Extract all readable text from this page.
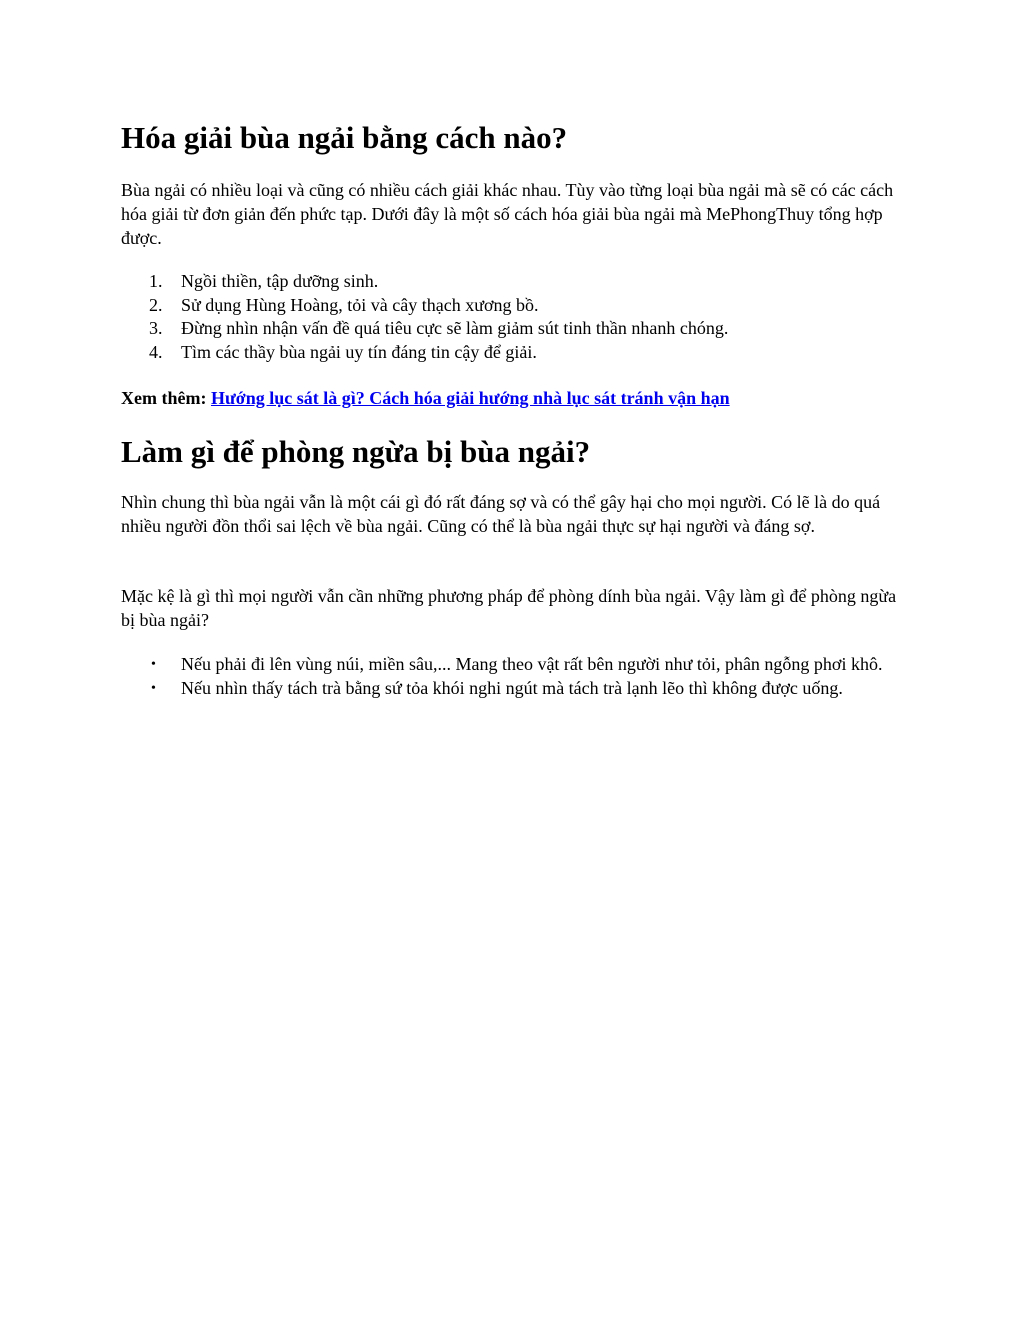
Hóa giải bùa ngải bằng cách nào?

Bùa ngải có nhiều loại và cũng có nhiều cách giải khác nhau. Tùy vào từng loại bùa ngải mà sẽ có các cách hóa giải từ đơn giản đến phức tạp. Dưới đây là một số cách hóa giải bùa ngải mà MePhongThuy tổng hợp được.

1. Ngồi thiền, tập dưỡng sinh.
2. Sử dụng Hùng Hoàng, tỏi và cây thạch xương bồ.
3. Đừng nhìn nhận vấn đề quá tiêu cực sẽ làm giảm sút tinh thần nhanh chóng.
4. Tìm các thầy bùa ngải uy tín đáng tin cậy để giải.
Xem thêm: Hướng lục sát là gì? Cách hóa giải hướng nhà lục sát tránh vận hạn
Làm gì để phòng ngừa bị bùa ngải?

Nhìn chung thì bùa ngải vẫn là một cái gì đó rất đáng sợ và có thể gây hại cho mọi người. Có lẽ là do quá nhiều người đồn thổi sai lệch về bùa ngải. Cũng có thể là bùa ngải thực sự hại người và đáng sợ.

Mặc kệ là gì thì mọi người vẫn cần những phương pháp để phòng dính bùa ngải. Vậy làm gì để phòng ngừa bị bùa ngải?

• Nếu phải đi lên vùng núi, miền sâu,... Mang theo vật rất bên người như tỏi, phân ngỗng phơi khô.
• Nếu nhìn thấy tách trà bằng sứ tỏa khói nghi ngút mà tách trà lạnh lẽo thì không được uống.
